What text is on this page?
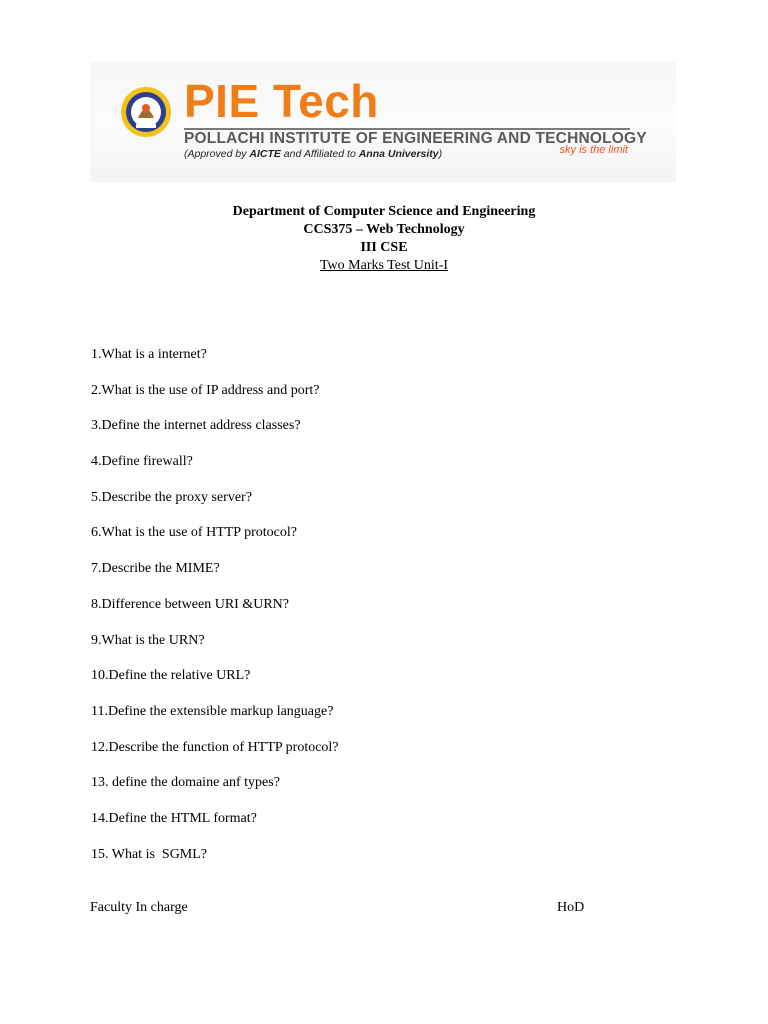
PIE Tech
POLLACHI INSTITUTE OF ENGINEERING AND TECHNOLOGY
(Approved by AICTE and Affiliated to Anna University)	sky is the limit
Department of Computer Science and Engineering
CCS375 – Web Technology
III CSE
Two Marks Test Unit-I
1.What is a internet?
2.What is the use of IP address and port?
3.Define the internet address classes?
4.Define firewall?
5.Describe the proxy server?
6.What is the use of HTTP protocol?
7.Describe the MIME?
8.Difference between URI &URN?
9.What is the URN?
10.Define the relative URL?
11.Define the extensible markup language?
12.Describe the function of HTTP protocol?
13. define the domaine anf types?
14.Define the HTML format?
15. What is  SGML?
Faculty In charge	HoD
